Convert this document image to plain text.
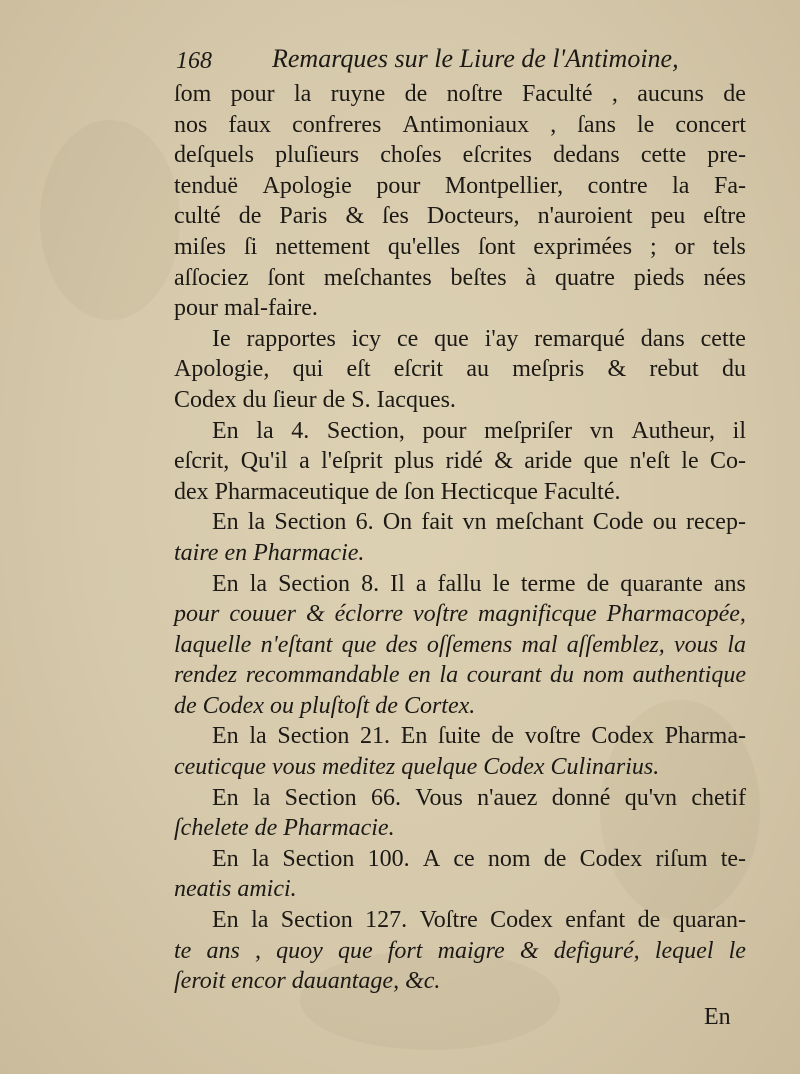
168 Remarques sur le Liure de l'Antimoine,
ſom pour la ruyne de noſtre Faculté , aucuns de
nos faux confreres Antimoniaux , ſans le concert
deſquels pluſieurs choſes eſcrites dedans cette pre-
tenduë Apologie pour Montpellier, contre la Fa-
culté de Paris & ſes Docteurs, n'auroient peu eſtre
miſes ſi nettement qu'elles ſont exprimées ; or tels
aſſociez ſont meſchantes beſtes à quatre pieds nées
pour mal-faire.
Ie rapportes icy ce que i'ay remarqué dans cette
Apologie, qui eſt eſcrit au meſpris & rebut du
Codex du ſieur de S. Iacques.
En la 4. Section, pour meſpriſer vn Autheur, il
eſcrit, Qu'il a l'eſprit plus ridé & aride que n'eſt le Co-
dex Pharmaceutique de ſon Hecticque Faculté.
En la Section 6. On fait vn meſchant Code ou recep-
taire en Pharmacie.
En la Section 8. Il a fallu le terme de quarante ans
pour couuer & éclorre voſtre magnificque Pharmacopée,
laquelle n'eſtant que des oſſemens mal aſſemblez, vous la
rendez recommandable en la courant du nom authentique
de Codex ou pluſtoſt de Cortex.
En la Section 21. En ſuite de voſtre Codex Pharma-
ceuticque vous meditez quelque Codex Culinarius.
En la Section 66. Vous n'auez donné qu'vn chetif
ſchelete de Pharmacie.
En la Section 100. A ce nom de Codex riſum te-
neatis amici.
En la Section 127. Voſtre Codex enfant de quaran-
te ans , quoy que fort maigre & defiguré, lequel le
ſeroit encor dauantage, &c.
En
